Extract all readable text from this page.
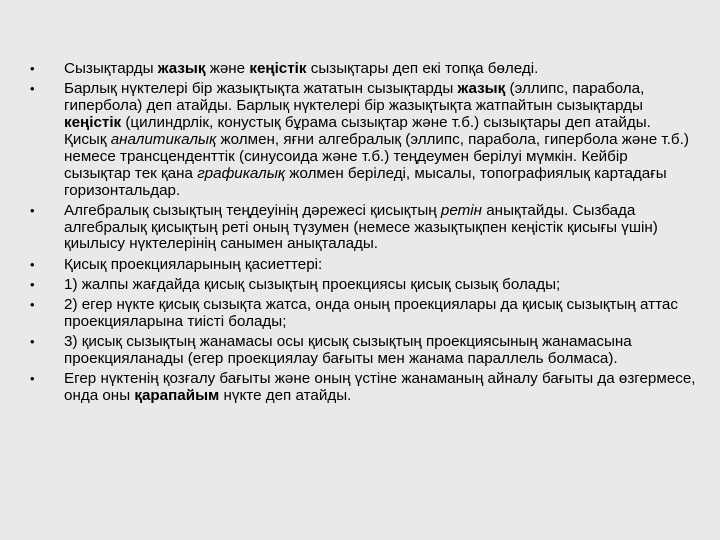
• Сызықтарды жазық және кеңістік сызықтары деп екі топқа бөледі.
• Барлық нүктелері бір жазықтықта жататын сызықтарды жазық (эллипс, парабола, гипербола) деп атайды. Барлық нүктелері бір жазықтықта жатпайтын сызықтарды кеңістік (цилиндрлік, конустық бұрама сызықтар және т.б.) сызықтары деп атайды. Қисық аналитикалық жолмен, яғни алгебралық (эллипс, парабола, гипербола және т.б.) немесе трансценденттік (синусоида және т.б.) теңдеумен берілуі мүмкін. Кейбір сызықтар тек қана графикалық жолмен беріледі, мысалы, топографиялық картадағы горизонтальдар.
• Алгебралық сызықтың теңдеуінің дәрежесі қисықтың ретін анықтайды. Сызбада алгебралық қисықтың реті оның түзумен (немесе жазықтықпен кеңістік қисығы үшін) қиылысу нүктелерінің санымен анықталады.
• Қисық проекцияларының қасиеттері:
• 1) жалпы жағдайда қисық сызықтың проекциясы қисық сызық болады;
• 2) егер нүкте қисық сызықта жатса, онда оның проекциялары да қисық сызықтың аттас проекцияларына тиісті болады;
• 3) қисық сызықтың жанамасы осы қисық сызықтың проекциясының жанамасына проекцияланады (егер проекциялау бағыты мен жанама параллель болмаса).
• Егер нүктенің қозғалу бағыты және оның үстіне жанаманың айналу бағыты да өзгермесе, онда оны қарапайым нүкте деп атайды.
